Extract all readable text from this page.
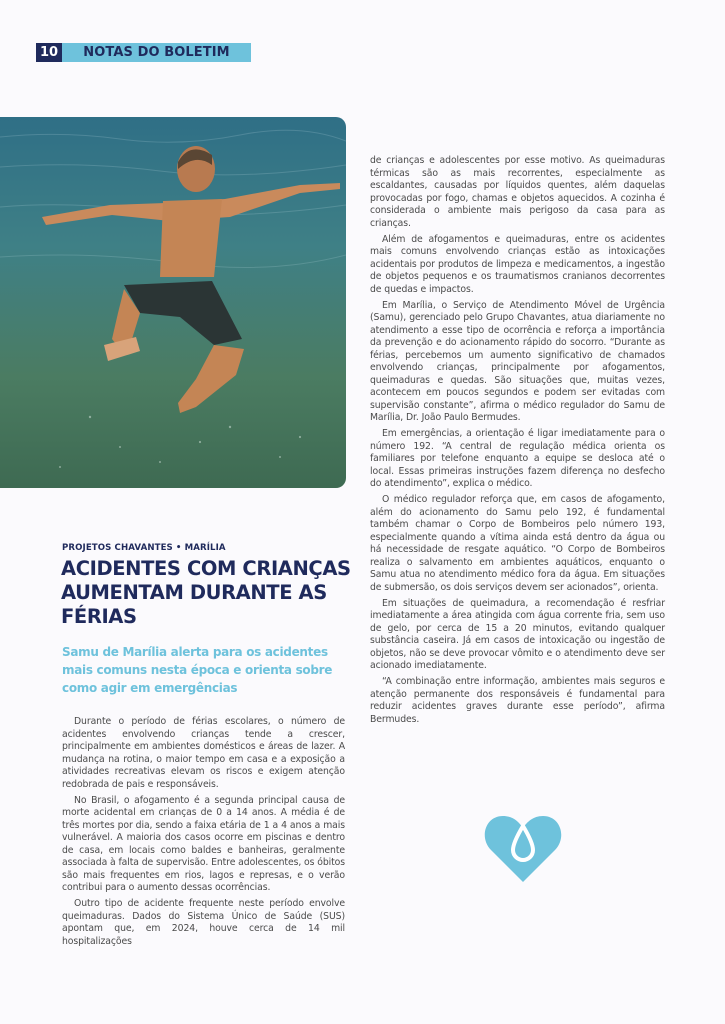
10	NOTAS DO BOLETIM
PROJETOS CHAVANTES • MARÍLIA
ACIDENTES COM CRIANÇAS AUMENTAM DURANTE AS FÉRIAS
Samu de Marília alerta para os acidentes mais comuns nesta época e orienta sobre como agir em emergências

Durante o período de férias escolares, o número de acidentes envolvendo crianças tende a crescer, principalmente em ambientes domésticos e áreas de lazer. A mudança na rotina, o maior tempo em casa e a exposição a atividades recreativas elevam os riscos e exigem atenção redobrada de pais e responsáveis.

No Brasil, o afogamento é a segunda principal causa de morte acidental em crianças de 0 a 14 anos. A média é de três mortes por dia, sendo a faixa etária de 1 a 4 anos a mais vulnerável. A maioria dos casos ocorre em piscinas e dentro de casa, em locais como baldes e banheiras, geralmente associada à falta de supervisão. Entre adolescentes, os óbitos são mais frequentes em rios, lagos e represas, e o verão contribui para o aumento dessas ocorrências.

Outro tipo de acidente frequente neste período envolve queimaduras. Dados do Sistema Único de Saúde (SUS) apontam que, em 2024, houve cerca de 14 mil hospitalizações

de crianças e adolescentes por esse motivo. As queimaduras térmicas são as mais recorrentes, especialmente as escaldantes, causadas por líquidos quentes, além daquelas provocadas por fogo, chamas e objetos aquecidos. A cozinha é considerada o ambiente mais perigoso da casa para as crianças.

Além de afogamentos e queimaduras, entre os acidentes mais comuns envolvendo crianças estão as intoxicações acidentais por produtos de limpeza e medicamentos, a ingestão de objetos pequenos e os traumatismos cranianos decorrentes de quedas e impactos.

Em Marília, o Serviço de Atendimento Móvel de Urgência (Samu), gerenciado pelo Grupo Chavantes, atua diariamente no atendimento a esse tipo de ocorrência e reforça a importância da prevenção e do acionamento rápido do socorro. “Durante as férias, percebemos um aumento significativo de chamados envolvendo crianças, principalmente por afogamentos, queimaduras e quedas. São situações que, muitas vezes, acontecem em poucos segundos e podem ser evitadas com supervisão constante”, afirma o médico regulador do Samu de Marília, Dr. João Paulo Bermudes.

Em emergências, a orientação é ligar imediatamente para o número 192. “A central de regulação médica orienta os familiares por telefone enquanto a equipe se desloca até o local. Essas primeiras instruções fazem diferença no desfecho do atendimento”, explica o médico.

O médico regulador reforça que, em casos de afogamento, além do acionamento do Samu pelo 192, é fundamental também chamar o Corpo de Bombeiros pelo número 193, especialmente quando a vítima ainda está dentro da água ou há necessidade de resgate aquático. “O Corpo de Bombeiros realiza o salvamento em ambientes aquáticos, enquanto o Samu atua no atendimento médico fora da água. Em situações de submersão, os dois serviços devem ser acionados”, orienta.

Em situações de queimadura, a recomendação é resfriar imediatamente a área atingida com água corrente fria, sem uso de gelo, por cerca de 15 a 20 minutos, evitando qualquer substância caseira. Já em casos de intoxicação ou ingestão de objetos, não se deve provocar vômito e o atendimento deve ser acionado imediatamente.

“A combinação entre informação, ambientes mais seguros e atenção permanente dos responsáveis é fundamental para reduzir acidentes graves durante esse período”, afirma Bermudes.
